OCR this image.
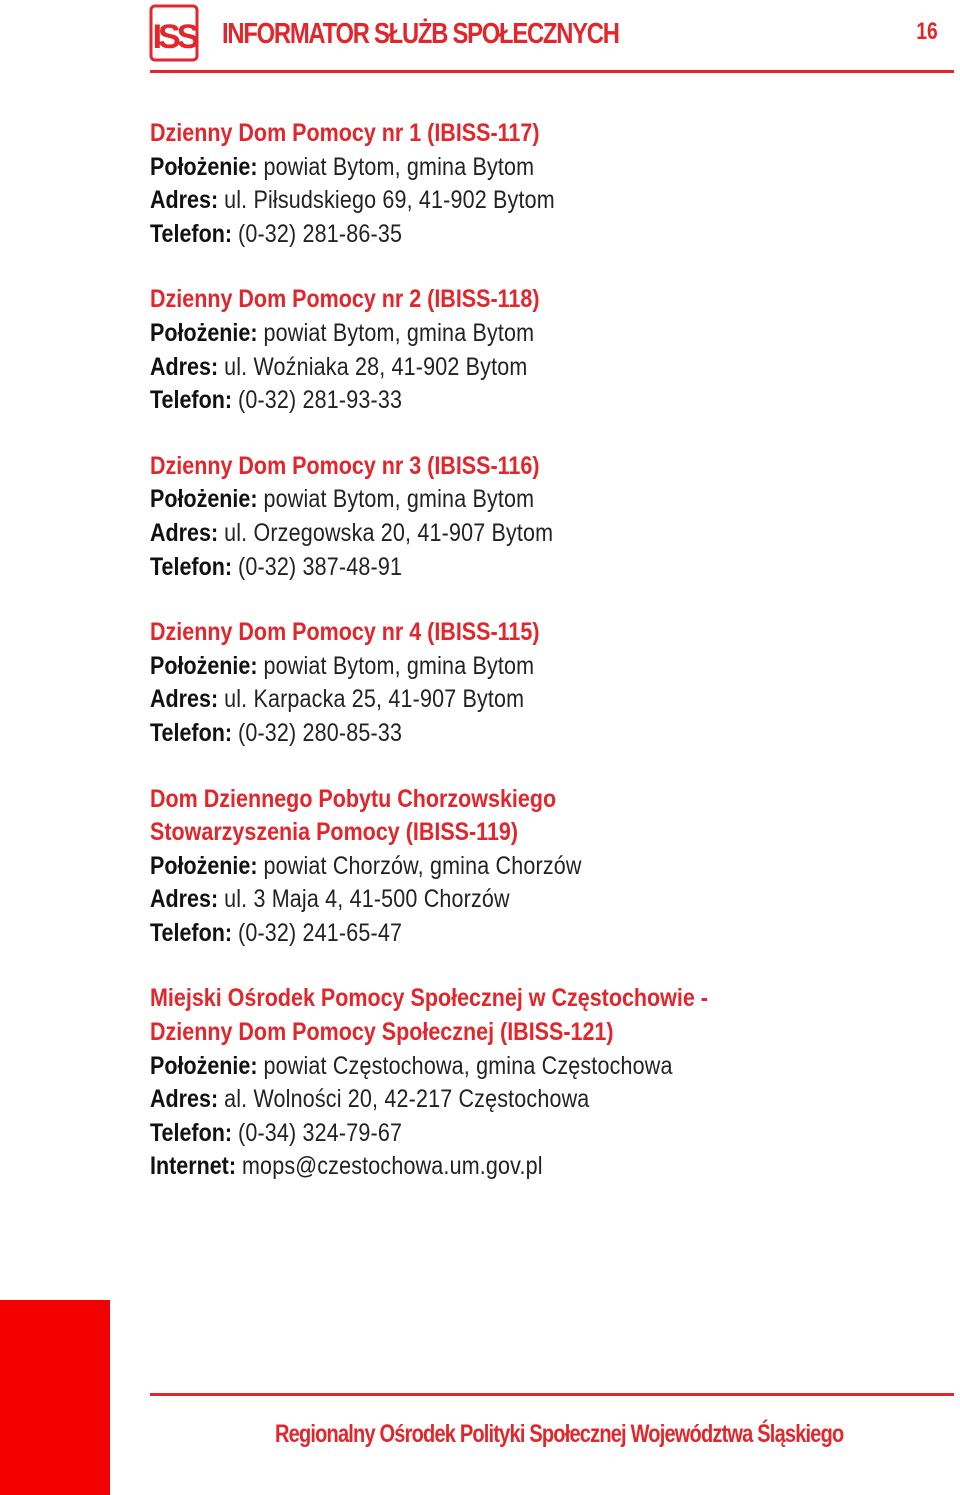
ISS INFORMATOR SŁUŻB SPOŁECZNYCH	16
Dzienny Dom Pomocy nr 1 (IBISS-117)
Położenie: powiat Bytom, gmina Bytom
Adres: ul. Piłsudskiego 69, 41-902 Bytom
Telefon: (0-32) 281-86-35
Dzienny Dom Pomocy nr 2 (IBISS-118)
Położenie: powiat Bytom, gmina Bytom
Adres: ul. Woźniaka 28, 41-902 Bytom
Telefon: (0-32) 281-93-33
Dzienny Dom Pomocy nr 3 (IBISS-116)
Położenie: powiat Bytom, gmina Bytom
Adres: ul. Orzegowska 20, 41-907 Bytom
Telefon: (0-32) 387-48-91
Dzienny Dom Pomocy nr 4 (IBISS-115)
Położenie: powiat Bytom, gmina Bytom
Adres: ul. Karpacka 25, 41-907 Bytom
Telefon: (0-32) 280-85-33
Dom Dziennego Pobytu Chorzowskiego
Stowarzyszenia Pomocy (IBISS-119)
Położenie: powiat Chorzów, gmina Chorzów
Adres: ul. 3 Maja 4, 41-500 Chorzów
Telefon: (0-32) 241-65-47
Miejski Ośrodek Pomocy Społecznej w Częstochowie -
Dzienny Dom Pomocy Społecznej (IBISS-121)
Położenie: powiat Częstochowa, gmina Częstochowa
Adres: al. Wolności 20, 42-217 Częstochowa
Telefon: (0-34) 324-79-67
Internet: mops@czestochowa.um.gov.pl
Regionalny Ośrodek Polityki Społecznej Województwa Śląskiego
